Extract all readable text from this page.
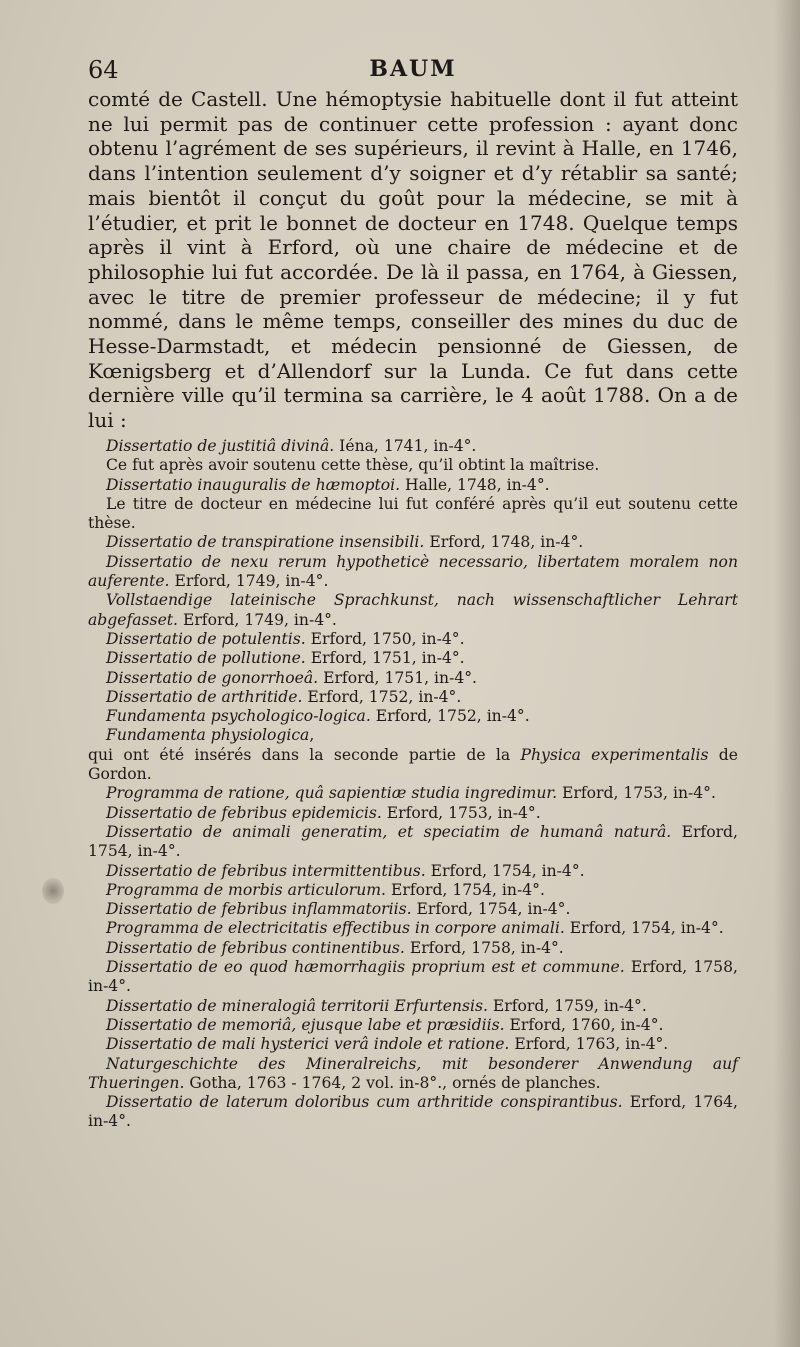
64	BAUM

comté de Castell. Une hémoptysie habituelle dont il fut atteint ne lui permit pas de continuer cette profession : ayant donc obtenu l’agrément de ses supérieurs, il revint à Halle, en 1746, dans l’intention seulement d’y soigner et d’y rétablir sa santé; mais bientôt il conçut du goût pour la médecine, se mit à l’étudier, et prit le bonnet de docteur en 1748. Quelque temps après il vint à Erford, où une chaire de médecine et de philosophie lui fut accordée. De là il passa, en 1764, à Giessen, avec le titre de premier professeur de médecine; il y fut nommé, dans le même temps, conseiller des mines du duc de Hesse-Darmstadt, et médecin pensionné de Giessen, de Kœnigsberg et d’Allendorf sur la Lunda. Ce fut dans cette dernière ville qu’il termina sa carrière, le 4 août 1788. On a de lui :

Dissertatio de justitiâ divinâ. Iéna, 1741, in-4°.

Ce fut après avoir soutenu cette thèse, qu’il obtint la maîtrise.

Dissertatio inauguralis de hæmoptoi. Halle, 1748, in-4°.

Le titre de docteur en médecine lui fut conféré après qu’il eut soutenu cette thèse.

Dissertatio de transpiratione insensibili. Erford, 1748, in-4°.

Dissertatio de nexu rerum hypotheticè necessario, libertatem moralem non auferente. Erford, 1749, in-4°.

Vollstaendige lateinische Sprachkunst, nach wissenschaftlicher Lehrart abgefasset. Erford, 1749, in-4°.

Dissertatio de potulentis. Erford, 1750, in-4°.

Dissertatio de pollutione. Erford, 1751, in-4°.

Dissertatio de gonorrhoeâ. Erford, 1751, in-4°.

Dissertatio de arthritide. Erford, 1752, in-4°.

Fundamenta psychologico-logica. Erford, 1752, in-4°.

Fundamenta physiologica,

qui ont été insérés dans la seconde partie de la Physica experimentalis de Gordon.

Programma de ratione, quâ sapientiæ studia ingredimur. Erford, 1753, in-4°.

Dissertatio de febribus epidemicis. Erford, 1753, in-4°.

Dissertatio de animali generatim, et speciatim de humanâ naturâ. Erford, 1754, in-4°.

Dissertatio de febribus intermittentibus. Erford, 1754, in-4°.

Programma de morbis articulorum. Erford, 1754, in-4°.

Dissertatio de febribus inflammatoriis. Erford, 1754, in-4°.

Programma de electricitatis effectibus in corpore animali. Erford, 1754, in-4°.

Dissertatio de febribus continentibus. Erford, 1758, in-4°.

Dissertatio de eo quod hæmorrhagiis proprium est et commune. Erford, 1758, in-4°.

Dissertatio de mineralogiâ territorii Erfurtensis. Erford, 1759, in-4°.

Dissertatio de memoriâ, ejusque labe et præsidiis. Erford, 1760, in-4°.

Dissertatio de mali hysterici verâ indole et ratione. Erford, 1763, in-4°.

Naturgeschichte des Mineralreichs, mit besonderer Anwendung auf Thueringen. Gotha, 1763 - 1764, 2 vol. in-8°., ornés de planches.

Dissertatio de laterum doloribus cum arthritide conspirantibus. Erford, 1764, in-4°.
